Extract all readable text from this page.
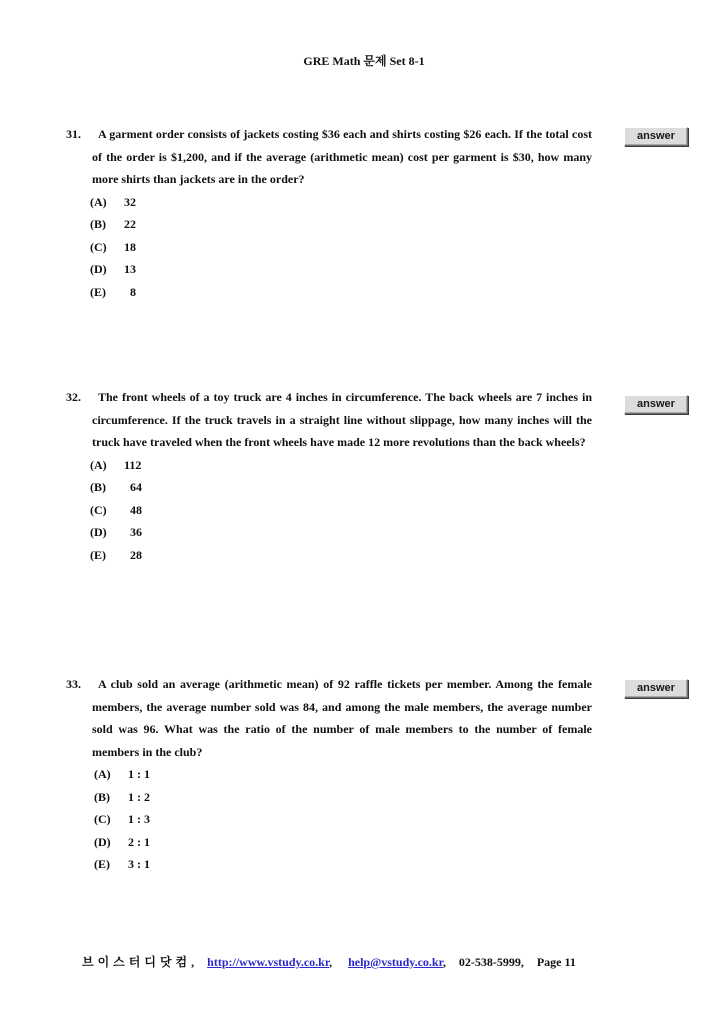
GRE Math 문제 Set 8-1
31.	A garment order consists of jackets costing $36 each and shirts costing $26 each. If the total cost of the order is $1,200, and if the average (arithmetic mean) cost per garment is $30, how many more shirts than jackets are in the order?
(A) 32
(B) 22
(C) 18
(D) 13
(E) 8
answer
32.	The front wheels of a toy truck are 4 inches in circumference. The back wheels are 7 inches in circumference. If the truck travels in a straight line without slippage, how many inches will the truck have traveled when the front wheels have made 12 more revolutions than the back wheels?
(A) 112
(B) 64
(C) 48
(D) 36
(E) 28
answer
33.	A club sold an average (arithmetic mean) of 92 raffle tickets per member. Among the female members, the average number sold was 84, and among the male members, the average number sold was 96. What was the ratio of the number of male members to the number of female members in the club?
(A) 1 : 1
(B) 1 : 2
(C) 1 : 3
(D) 2 : 1
(E) 3 : 1
answer
브이스터디닷컴, http://www.vstudy.co.kr, help@vstudy.co.kr, 02-538-5999, Page 11
